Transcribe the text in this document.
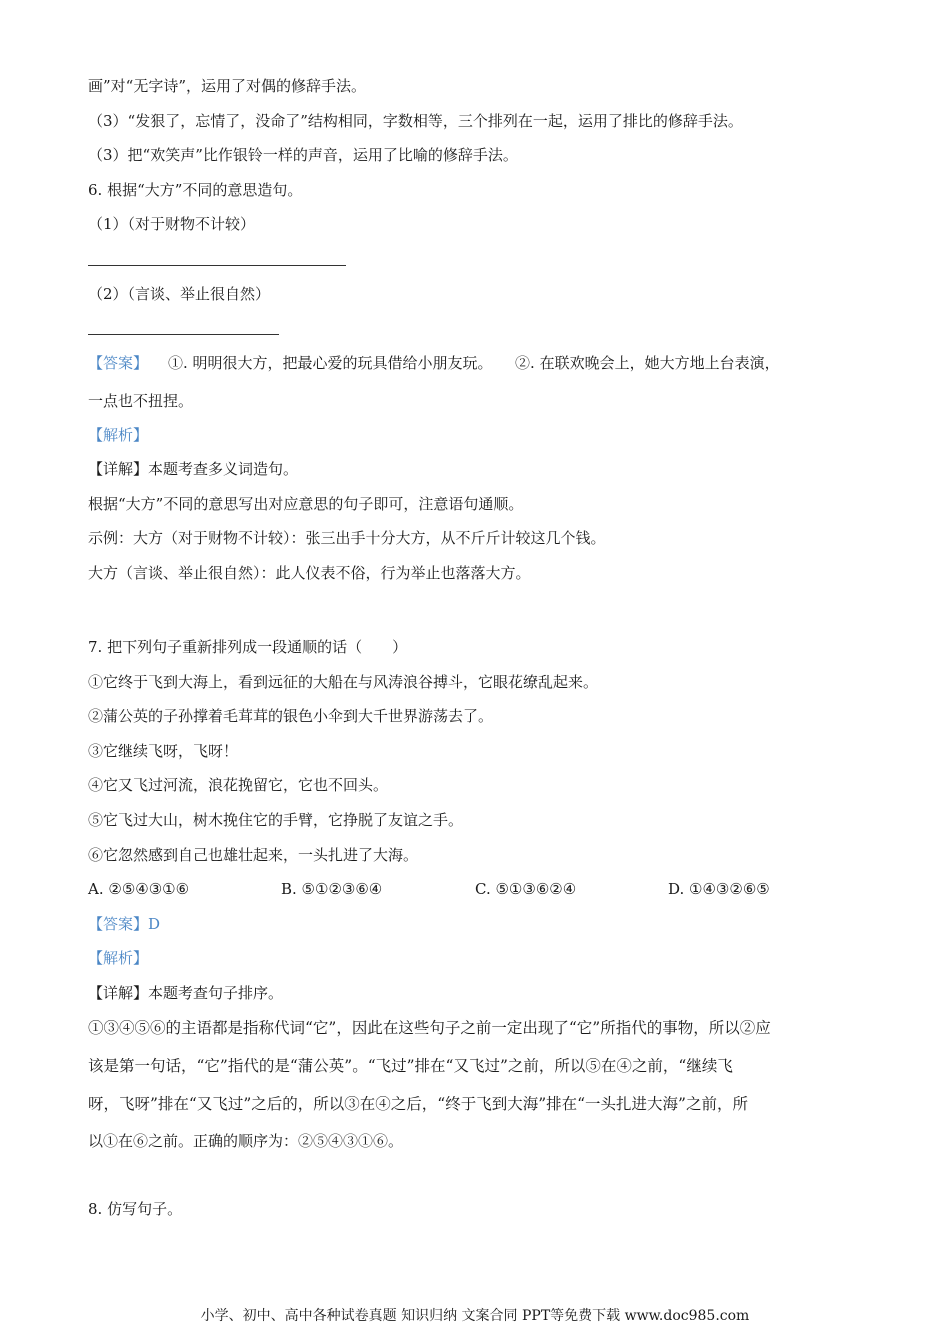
画”对“无字诗”，运用了对偶的修辞手法。
（3）“发狠了，忘情了，没命了”结构相同，字数相等，三个排列在一起，运用了排比的修辞手法。
（3）把“欢笑声”比作银铃一样的声音，运用了比喻的修辞手法。
6. 根据“大方”不同的意思造句。
（1）（对于财物不计较）
（2）（言谈、举止很自然）
【答案】 ①. 明明很大方，把最心爱的玩具借给小朋友玩。　　②. 在联欢晚会上，她大方地上台表演，
一点也不扭捏。
【解析】
【详解】本题考查多义词造句。
根据“大方”不同的意思写出对应意思的句子即可，注意语句通顺。
示例：大方（对于财物不计较）：张三出手十分大方，从不斤斤计较这几个钱。
大方（言谈、举止很自然）：此人仪表不俗，行为举止也落落大方。
7. 把下列句子重新排列成一段通顺的话（　　）
①它终于飞到大海上，看到远征的大船在与风涛浪谷搏斗，它眼花缭乱起来。
②蒲公英的子孙撑着毛茸茸的银色小伞到大千世界游荡去了。
③它继续飞呀，飞呀！
④它又飞过河流，浪花挽留它，它也不回头。
⑤它飞过大山，树木挽住它的手臂，它挣脱了友谊之手。
⑥它忽然感到自己也雄壮起来，一头扎进了大海。
A. ②⑤④③①⑥	B. ⑤①②③⑥④	C. ⑤①③⑥②④	D. ①④③②⑥⑤
【答案】D
【解析】
【详解】本题考查句子排序。
①③④⑤⑥的主语都是指称代词“它”，因此在这些句子之前一定出现了“它”所指代的事物，所以②应
该是第一句话，“它”指代的是“蒲公英”。“飞过”排在“又飞过”之前，所以⑤在④之前，“继续飞
呀，飞呀”排在“又飞过”之后的，所以③在④之后，“终于飞到大海”排在“一头扎进大海”之前，所
以①在⑥之前。正确的顺序为：②⑤④③①⑥。
8. 仿写句子。
小学、初中、高中各种试卷真题 知识归纳 文案合同 PPT等免费下载 www.doc985.com
